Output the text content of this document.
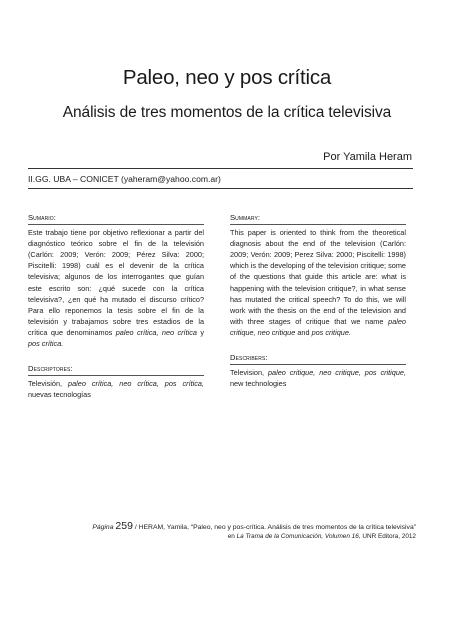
Paleo, neo y pos crítica
Análisis de tres momentos de la crítica televisiva
Por Yamila Heram
II.GG. UBA – CONICET (yaheram@yahoo.com.ar)
Sumario:

Este trabajo tiene por objetivo reflexionar a partir del diagnóstico teórico sobre el fin de la televisión (Carlón: 2009; Verón: 2009; Pérez Silva: 2000; Piscitelli: 1998) cuál es el devenir de la crítica televisiva; algunos de los interrogantes que guían este escrito son: ¿qué sucede con la crítica televisiva?, ¿en qué ha mutado el discurso crítico? Para ello reponemos la tesis sobre el fin de la televisión y trabajamos sobre tres estadios de la crítica que denominamos paleo crítica, neo crítica y pos crítica.

Descriptores:

Televisión, paleo crítica, neo crítica, pos crítica, nuevas tecnologías

Summary:

This paper is oriented to think from the theoretical diagnosis about the end of the television (Carlón: 2009; Verón: 2009; Perez Silva: 2000; Piscitelli: 1998) which is the developing of the television critique; some of the questions that guide this article are: what is happening with the television critique?, in what sense has mutated the critical speech? To do this, we will work with the thesis on the end of the television and with three stages of critique that we name paleo critique, neo critique and pos critique.

Describers:

Television, paleo critique, neo critique, pos critique, new technologies

Página 259 / HERAM, Yamila, “Paleo, neo y pos-crítica. Análisis de tres momentos de la crítica televisiva”
en La Trama de la Comunicación, Volumen 16, UNR Editora, 2012
